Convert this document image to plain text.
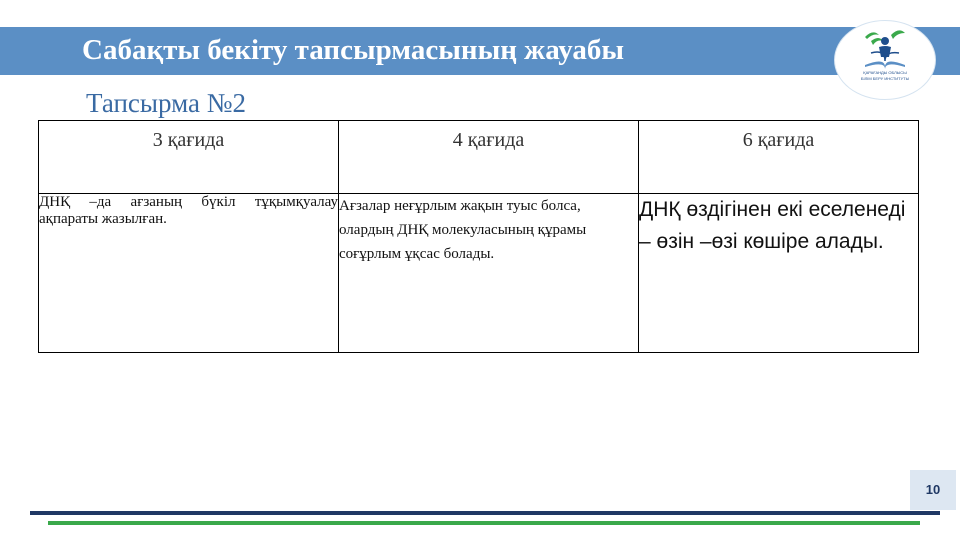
Сабақты бекіту тапсырмасының жауабы
ҚАРАҒАНДЫ ОБЛЫСЫ
БІЛІМ БЕРУ ИНСТИТУТЫ
Тапсырма №2
3 қағида	4 қағида	6 қағида
ДНҚ –да ағзаның бүкіл тұқымқуалау ақпараты жазылған.	Ағзалар неғұрлым жақын туыс болса, олардың ДНҚ молекуласының құрамы соғұрлым ұқсас болады.	ДНҚ өздігінен екі еселенеді – өзін –өзі көшіре алады.
10
